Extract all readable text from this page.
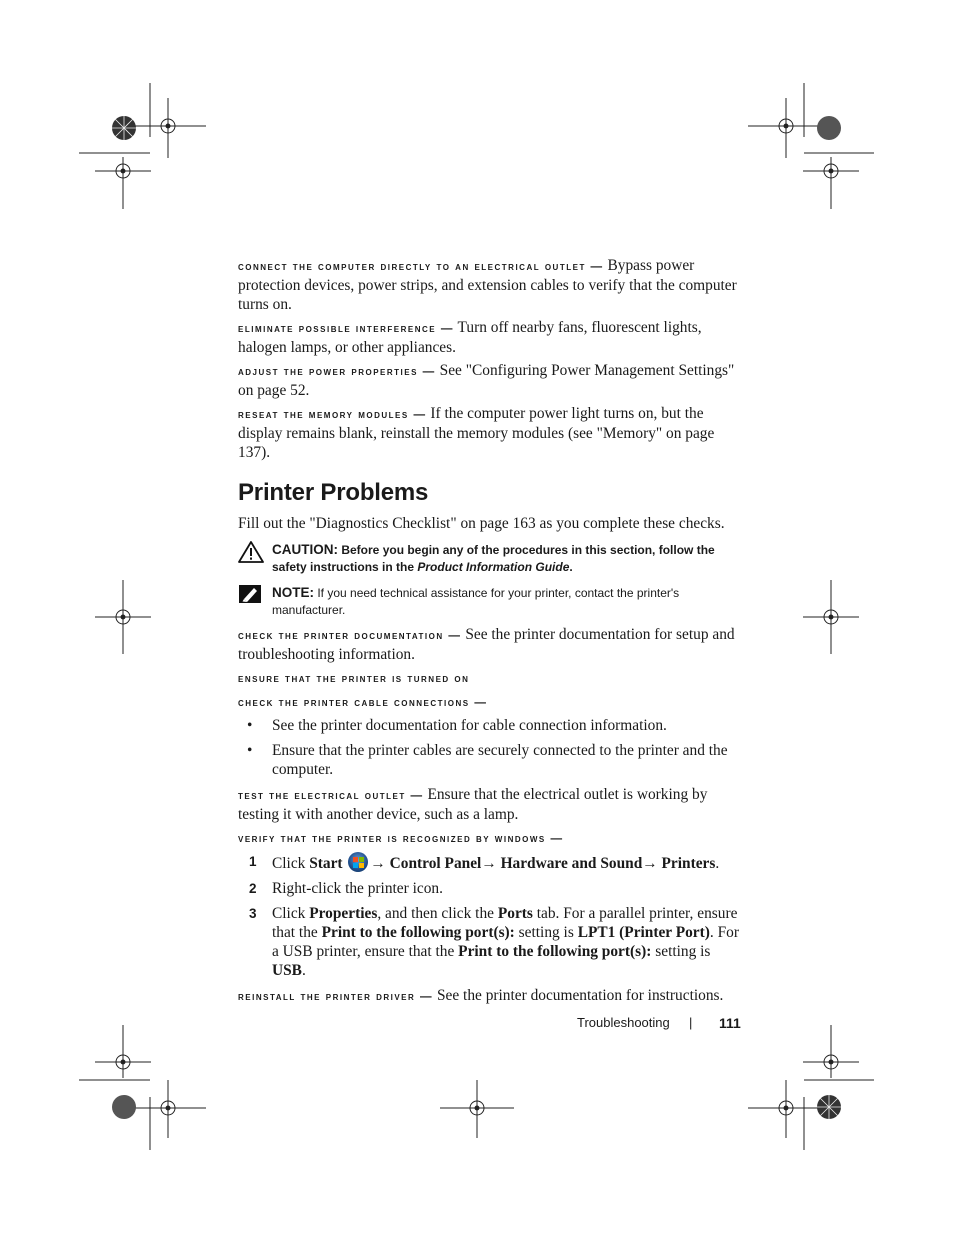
connect the computer directly to an electrical outlet — Bypass power protection devices, power strips, and extension cables to verify that the computer turns on.

eliminate possible interference — Turn off nearby fans, fluorescent lights, halogen lamps, or other appliances.

adjust the power properties — See "Configuring Power Management Settings" on page 52.

reseat the memory modules — If the computer power light turns on, but the display remains blank, reinstall the memory modules (see "Memory" on page 137).

Printer Problems

Fill out the "Diagnostics Checklist" on page 163 as you complete these checks.

CAUTION: Before you begin any of the procedures in this section, follow the safety instructions in the Product Information Guide.
NOTE: If you need technical assistance for your printer, contact the printer's manufacturer.

check the printer documentation — See the printer documentation for setup and troubleshooting information.

ensure that the printer is turned on

check the printer cable connections —

• See the printer documentation for cable connection information.
• Ensure that the printer cables are securely connected to the printer and the computer.

test the electrical outlet — Ensure that the electrical outlet is working by testing it with another device, such as a lamp.

verify that the printer is recognized by windows —

1 Click Start → Control Panel→ Hardware and Sound→ Printers.
2 Right-click the printer icon.
3 Click Properties, and then click the Ports tab. For a parallel printer, ensure that the Print to the following port(s): setting is LPT1 (Printer Port). For a USB printer, ensure that the Print to the following port(s): setting is USB.

reinstall the printer driver — See the printer documentation for instructions.

Troubleshooting | 111
